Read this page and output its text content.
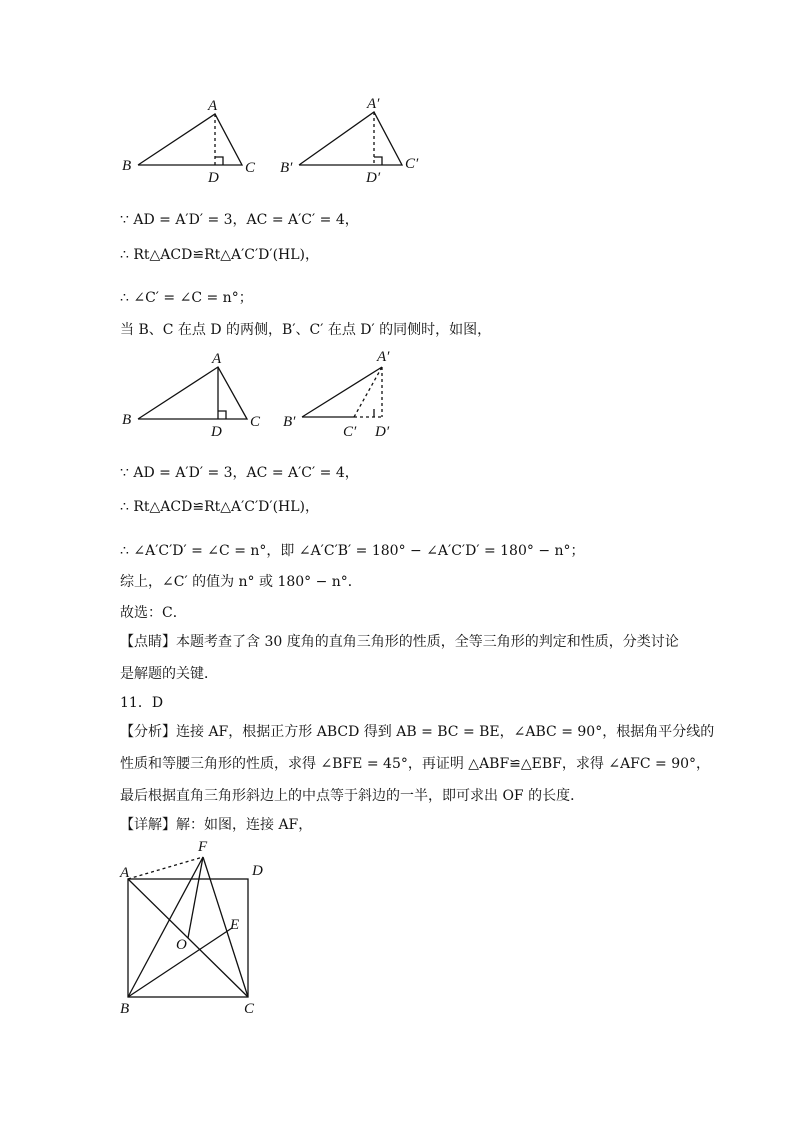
A
B	C
D
A′
B′	C′
D′
∵ AD = A′D′ = 3，AC = A′C′ = 4，
∴ Rt△ACD≌Rt△A′C′D′(HL)，
∴ ∠C′ = ∠C = n°；
当 B、C 在点 D 的两侧，B′、C′ 在点 D′ 的同侧时，如图，
A
B	C
D
A′
B′
C′ D′
∵ AD = A′D′ = 3，AC = A′C′ = 4，
∴ Rt△ACD≌Rt△A′C′D′(HL)，
∴ ∠A′C′D′ = ∠C = n°，即 ∠A′C′B′ = 180° − ∠A′C′D′ = 180° − n°；
综上，∠C′ 的值为 n° 或 180° − n°．
故选：C．
【点睛】本题考查了含 30 度角的直角三角形的性质，全等三角形的判定和性质，分类讨论
是解题的关键．
11．D
【分析】连接 AF，根据正方形 ABCD 得到 AB = BC = BE，∠ABC = 90°，根据角平分线的
性质和等腰三角形的性质，求得 ∠BFE = 45°，再证明 △ABF≌△EBF，求得 ∠AFC = 90°，
最后根据直角三角形斜边上的中点等于斜边的一半，即可求出 OF 的长度．
【详解】解：如图，连接 AF，
F
A	D
E
O
B	C
